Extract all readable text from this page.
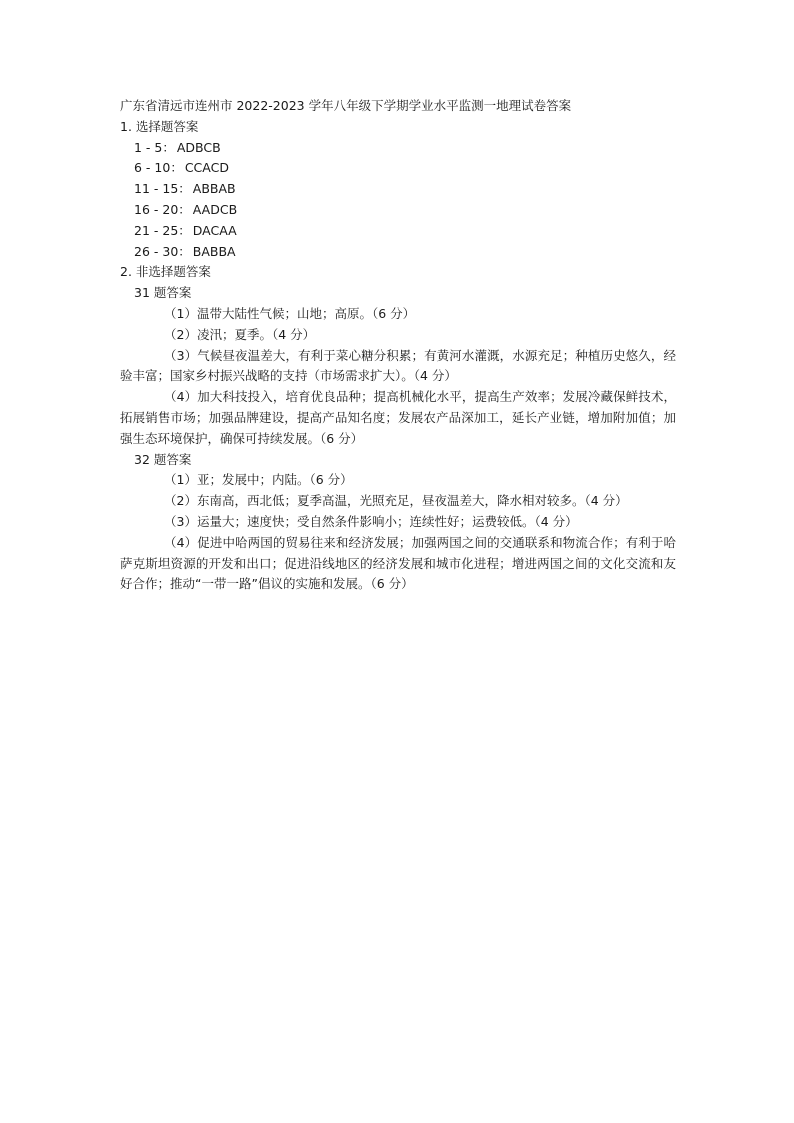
广东省清远市连州市 2022-2023 学年八年级下学期学业水平监测一地理试卷答案
1. 选择题答案
1 - 5： ADBCB
6 - 10： CCACD
11 - 15： ABBAB
16 - 20： AADCB
21 - 25： DACAA
26 - 30： BABBA
2. 非选择题答案
31 题答案
（1）温带大陆性气候；山地；高原。（6 分）
（2）凌汛；夏季。（4 分）
（3）气候昼夜温差大，有利于菜心糖分积累；有黄河水灌溉，水源充足；种植历史悠久，经验丰富；国家乡村振兴战略的支持（市场需求扩大）。（4 分）
（4）加大科技投入，培育优良品种；提高机械化水平，提高生产效率；发展冷藏保鲜技术，拓展销售市场；加强品牌建设，提高产品知名度；发展农产品深加工，延长产业链，增加附加值；加强生态环境保护，确保可持续发展。（6 分）
32 题答案
（1）亚；发展中；内陆。（6 分）
（2）东南高，西北低；夏季高温，光照充足，昼夜温差大，降水相对较多。（4 分）
（3）运量大；速度快；受自然条件影响小；连续性好；运费较低。（4 分）
（4）促进中哈两国的贸易往来和经济发展；加强两国之间的交通联系和物流合作；有利于哈萨克斯坦资源的开发和出口；促进沿线地区的经济发展和城市化进程；增进两国之间的文化交流和友好合作；推动“一带一路”倡议的实施和发展。（6 分）
